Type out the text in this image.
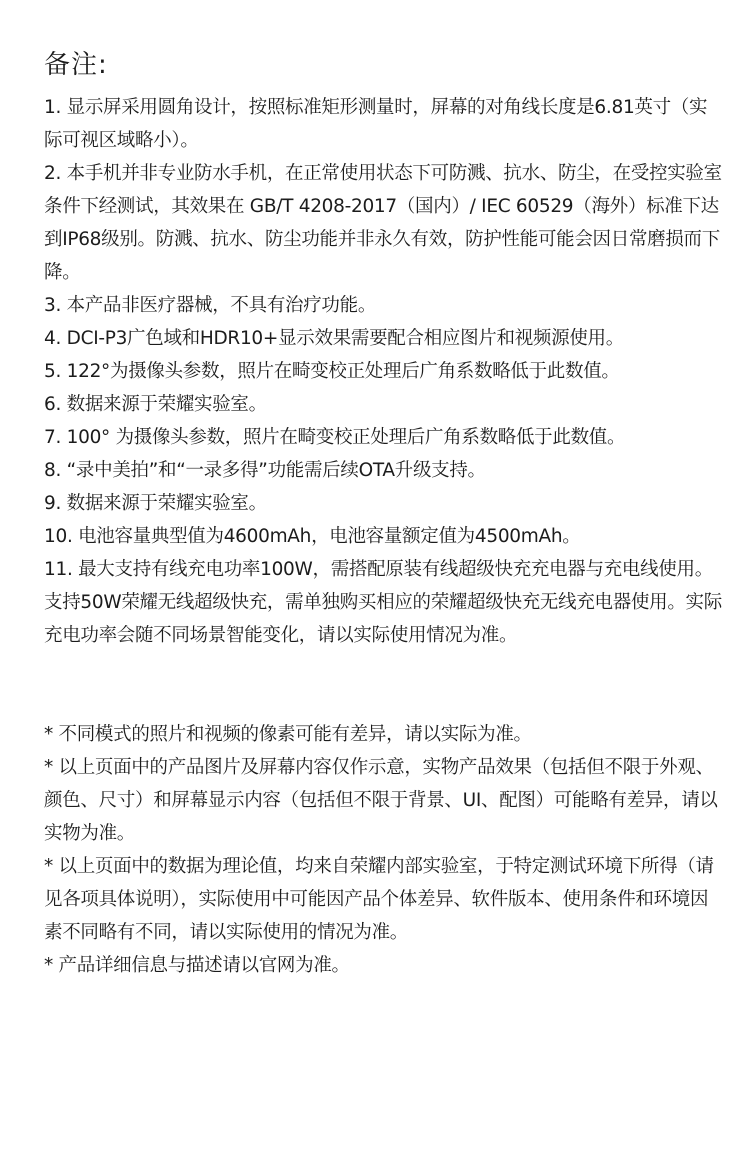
备注:

1. 显示屏采用圆角设计，按照标准矩形测量时，屏幕的对角线长度是6.81英寸（实际可视区域略小）。

2. 本手机并非专业防水手机，在正常使用状态下可防溅、抗水、防尘，在受控实验室条件下经测试，其效果在 GB/T 4208-2017（国内）/ IEC 60529（海外）标准下达到IP68级别。防溅、抗水、防尘功能并非永久有效，防护性能可能会因日常磨损而下降。

3. 本产品非医疗器械，不具有治疗功能。

4. DCI-P3广色域和HDR10+显示效果需要配合相应图片和视频源使用。

5. 122°为摄像头参数，照片在畸变校正处理后广角系数略低于此数值。

6. 数据来源于荣耀实验室。

7. 100° 为摄像头参数，照片在畸变校正处理后广角系数略低于此数值。

8. “录中美拍”和“一录多得”功能需后续OTA升级支持。

9. 数据来源于荣耀实验室。

10. 电池容量典型值为4600mAh，电池容量额定值为4500mAh。

11. 最大支持有线充电功率100W，需搭配原装有线超级快充充电器与充电线使用。支持50W荣耀无线超级快充，需单独购买相应的荣耀超级快充无线充电器使用。实际充电功率会随不同场景智能变化，请以实际使用情况为准。

* 不同模式的照片和视频的像素可能有差异，请以实际为准。

* 以上页面中的产品图片及屏幕内容仅作示意，实物产品效果（包括但不限于外观、颜色、尺寸）和屏幕显示内容（包括但不限于背景、UI、配图）可能略有差异，请以实物为准。

* 以上页面中的数据为理论值，均来自荣耀内部实验室，于特定测试环境下所得（请见各项具体说明），实际使用中可能因产品个体差异、软件版本、使用条件和环境因素不同略有不同，请以实际使用的情况为准。

* 产品详细信息与描述请以官网为准。
